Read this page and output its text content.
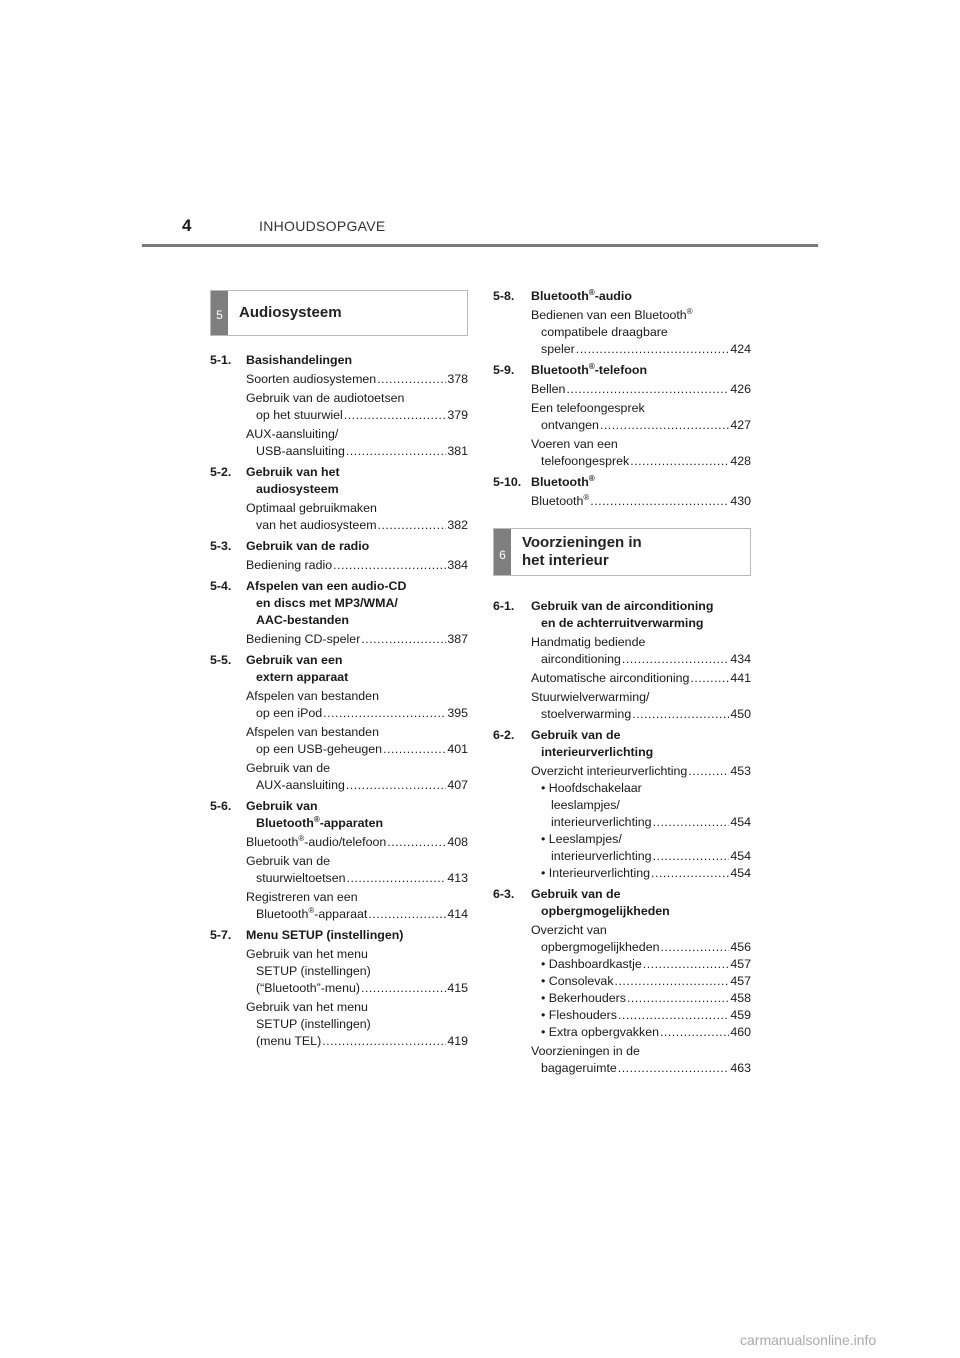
4	INHOUDSOPGAVE
5	Audiosysteem
5-1. Basishandelingen
Soorten audiosystemen .....	378
Gebruik van de audiotoetsen
op het stuurwiel .....	379
AUX-aansluiting/
USB-aansluiting .....	381
5-2. Gebruik van het
audiosysteem
Optimaal gebruikmaken
van het audiosysteem .....	382
5-3. Gebruik van de radio
Bediening radio .....	384
5-4. Afspelen van een audio-CD
en discs met MP3/WMA/
AAC-bestanden
Bediening CD-speler .....	387
5-5. Gebruik van een
extern apparaat
Afspelen van bestanden
op een iPod .....	395
Afspelen van bestanden
op een USB-geheugen .....	401
Gebruik van de
AUX-aansluiting .....	407
5-6. Gebruik van
Bluetooth®-apparaten
Bluetooth®-audio/telefoon .....	408
Gebruik van de
stuurwieltoetsen .....	413
Registreren van een
Bluetooth®-apparaat .....	414
5-7. Menu SETUP (instellingen)
Gebruik van het menu
SETUP (instellingen)
(“Bluetooth”-menu) .....	415
Gebruik van het menu
SETUP (instellingen)
(menu TEL) .....	419
5-8. Bluetooth®-audio
Bedienen van een Bluetooth®
compatibele draagbare
speler .....	424
5-9. Bluetooth®-telefoon
Bellen .....	426
Een telefoongesprek
ontvangen .....	427
Voeren van een
telefoongesprek .....	428
5-10. Bluetooth®
Bluetooth® .....	430
6
Voorzieningen in
het interieur
6-1. Gebruik van de airconditioning
en de achterruitverwarming
Handmatig bediende
airconditioning .....	434
Automatische airconditioning .....	441
Stuurwielverwarming/
stoelverwarming .....	450
6-2. Gebruik van de
interieurverlichting
Overzicht interieurverlichting .....	453
• Hoofdschakelaar
leeslampjes/
interieurverlichting .....	454
• Leeslampjes/
interieurverlichting .....	454
• Interieurverlichting .....	454
6-3. Gebruik van de
opbergmogelijkheden
Overzicht van
opbergmogelijkheden .....	456
• Dashboardkastje .....	457
• Consolevak .....	457
• Bekerhouders .....	458
• Fleshouders .....	459
• Extra opbergvakken .....	460
Voorzieningen in de
bagageruimte .....	463
carmanualsonline.info
